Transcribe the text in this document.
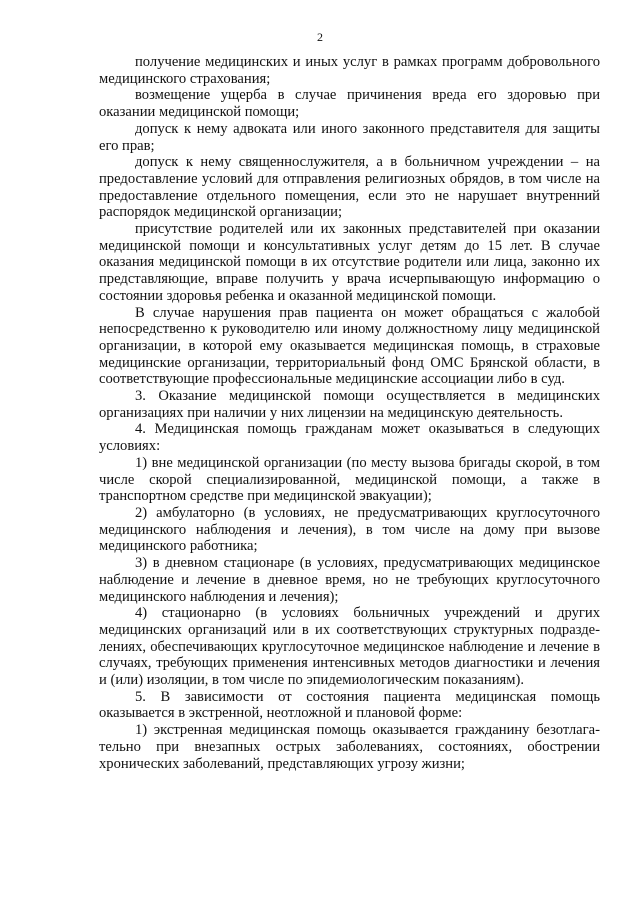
2

получение медицинских и иных услуг в рамках программ добровольного медицинского страхования;

возмещение ущерба в случае причинения вреда его здоровью при оказании медицинской помощи;

допуск к нему адвоката или иного законного представителя для защиты его прав;

допуск к нему священнослужителя, а в больничном учреждении – на предоставление условий для отправления религиозных обрядов, в том числе на предоставление отдельного помещения, если это не нарушает внутренний распорядок медицинской организации;

присутствие родителей или их законных представителей при оказании медицинской помощи и консультативных услуг детям до 15 лет. В случае оказания медицинской помощи в их отсутствие родители или лица, законно их представляющие, вправе получить у врача исчерпывающую информацию о состоянии здоровья ребенка и оказанной медицинской помощи.

В случае нарушения прав пациента он может обращаться с жалобой непосредственно к руководителю или иному должностному лицу медицинской организации, в которой ему оказывается медицинская помощь, в страховые медицинские организации, территориальный фонд ОМС Брянской области, в соответствующие профессиональные медицинские ассоциации либо в суд.

3. Оказание медицинской помощи осуществляется в медицинских организациях при наличии у них лицензии на медицинскую деятельность.

4. Медицинская помощь гражданам может оказываться в следующих условиях:

1) вне медицинской организации (по месту вызова бригады скорой, в том числе скорой специализированной, медицинской помощи, а также в транспортном средстве при медицинской эвакуации);

2) амбулаторно (в условиях, не предусматривающих круглосуточного медицинского наблюдения и лечения), в том числе на дому при вызове медицинского работника;

3) в дневном стационаре (в условиях, предусматривающих медицинское наблюдение и лечение в дневное время, но не требующих круглосуточного медицинского наблюдения и лечения);

4) стационарно (в условиях больничных учреждений и других медицинских организаций или в их соответствующих структурных подразделениях, обеспечивающих круглосуточное медицинское наблюдение и лечение в случаях, требующих применения интенсивных методов диагностики и лечения и (или) изоляции, в том числе по эпидемиологическим показаниям).

5. В зависимости от состояния пациента медицинская помощь оказывается в экстренной, неотложной и плановой форме:

1) экстренная медицинская помощь оказывается гражданину безотлагательно при внезапных острых заболеваниях, состояниях, обострении хронических заболеваний, представляющих угрозу жизни;
